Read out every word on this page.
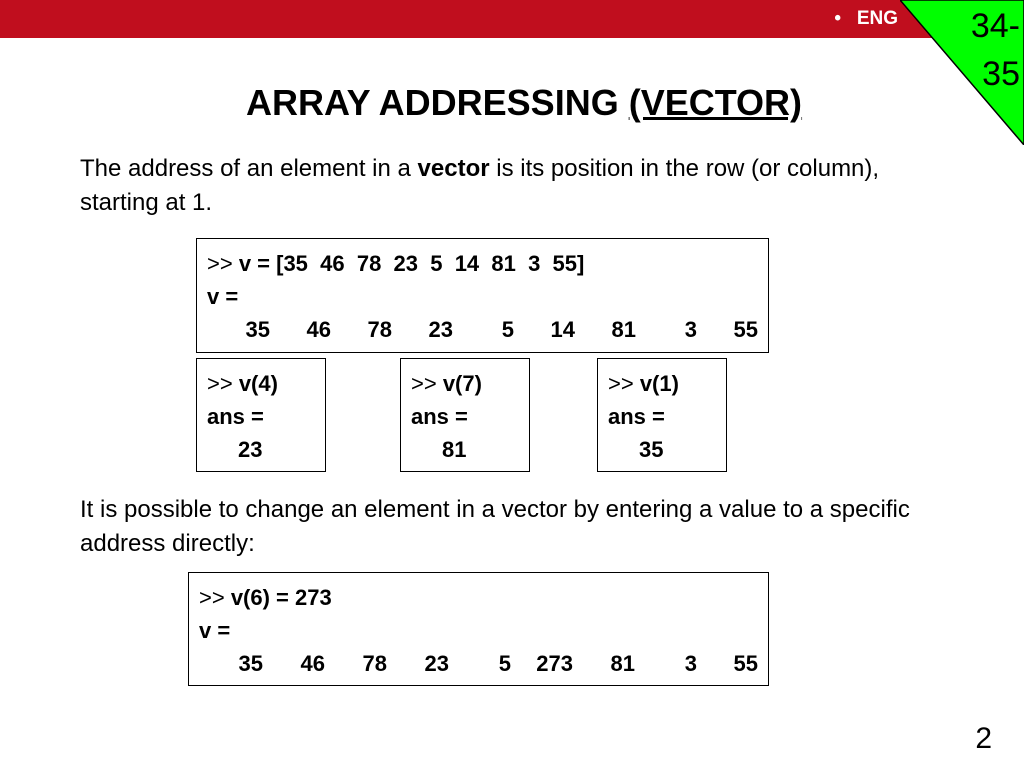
•   ENG	34-35
ARRAY ADDRESSING (VECTOR)
The address of an element in a vector is its position in the row (or column), starting at 1.
>> v = [35  46  78  23  5  14  81  3  55]
v =
35	46	78	23	5	14	81	3	55
>> v(4)
ans =
23
>> v(7)
ans =
81
>> v(1)
ans =
35
It is possible to change an element in a vector by entering a value to a specific address directly:
>> v(6) = 273
v =
35	46	78	23	5	273	81	3	55
2
